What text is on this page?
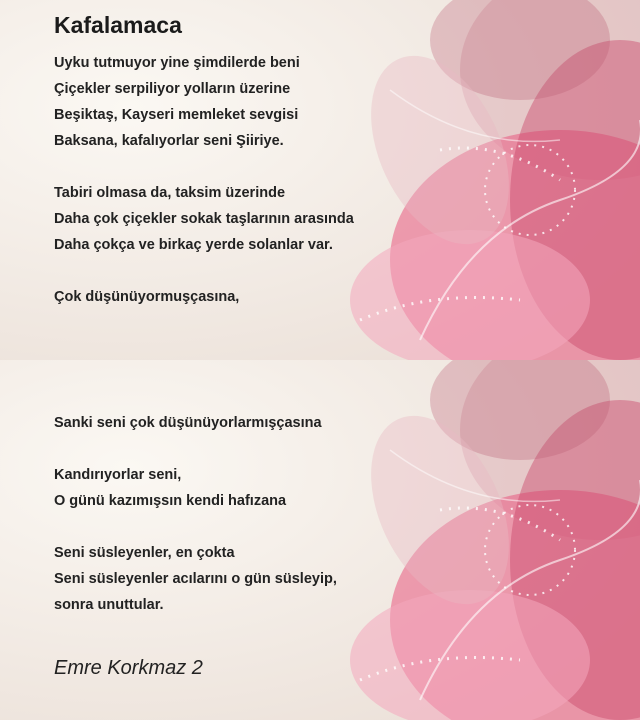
Kafalamaca
Uyku tutmuyor yine şimdilerde beni
Çiçekler serpiliyor yolların üzerine
Beşiktaş, Kayseri memleket sevgisi
Baksana, kafalıyorlar seni Şiiriye.
Tabiri olmasa da, taksim üzerinde
Daha çok çiçekler sokak taşlarının arasında
Daha çokça ve birkaç yerde solanlar var.
Çok düşünüyormuşçasına,
Sanki seni çok düşünüyorlarmışçasına
Kandırıyorlar seni,
O günü kazımışsın kendi hafızana
Seni süsleyenler, en çokta
Seni süsleyenler acılarını o gün süsleyip,
sonra unuttular.
Emre Korkmaz 2
